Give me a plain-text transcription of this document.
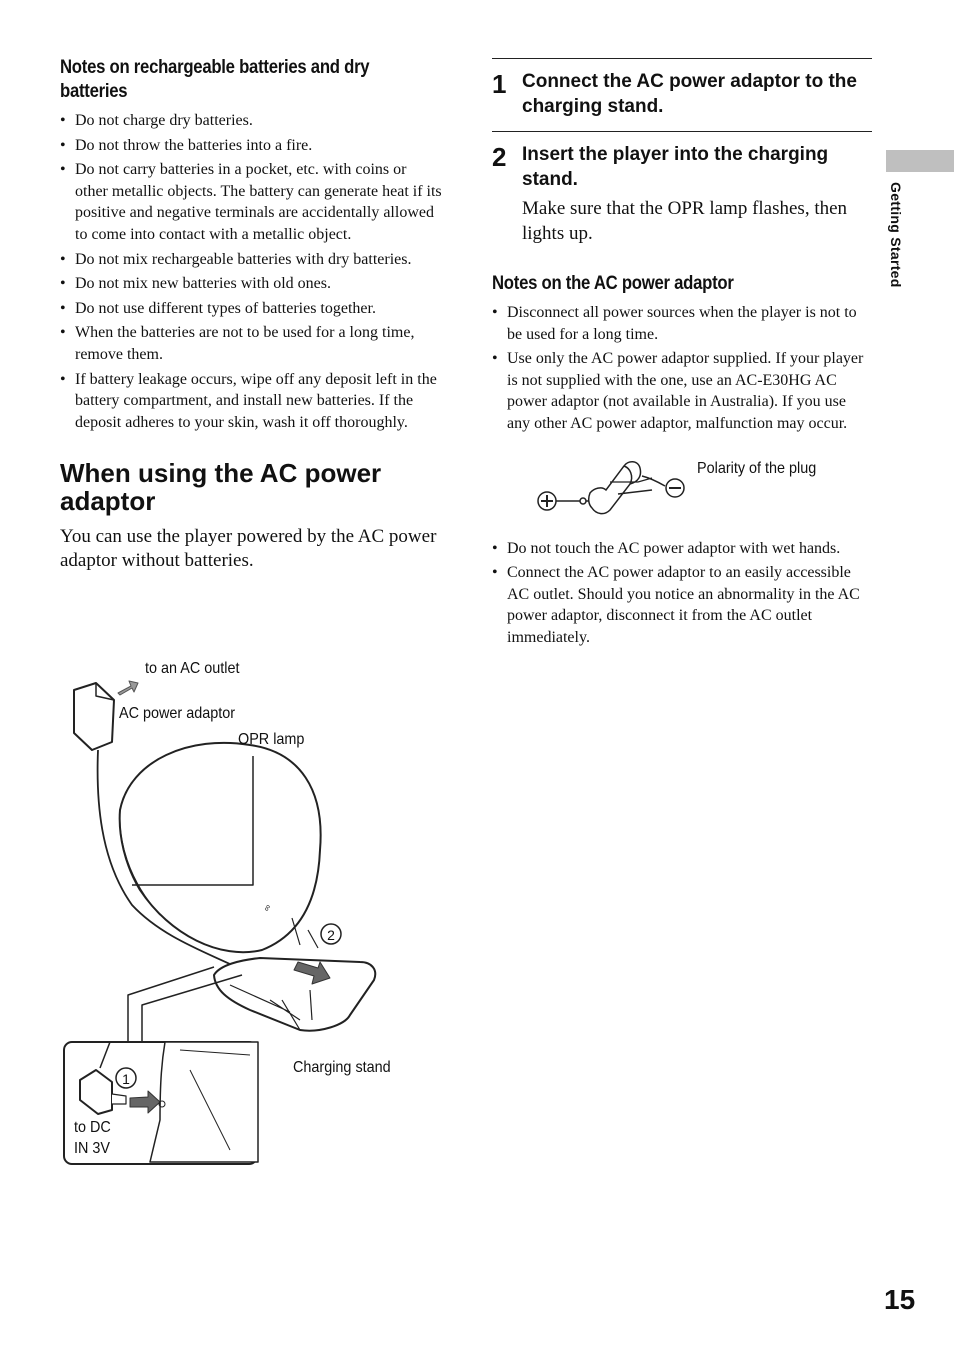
Getting Started
Notes on rechargeable batteries and dry batteries
• Do not charge dry batteries.
• Do not throw the batteries into a fire.
• Do not carry batteries in a pocket, etc. with coins or other metallic objects. The battery can generate heat if its positive and negative terminals are accidentally allowed to come into contact with a metallic object.
• Do not mix rechargeable batteries with dry batteries.
• Do not mix new batteries with old ones.
• Do not use different types of batteries together.
• When the batteries are not to be used for a long time, remove them.
• If battery leakage occurs, wipe off any deposit left in the battery compartment, and install new batteries. If the deposit adheres to your skin, wash it off thoroughly.
When using the AC power adaptor

You can use the player powered by the AC power adaptor without batteries.

∞
2
1
to an AC outlet
AC power adaptor
OPR lamp
Charging stand
to DC
IN 3V
1 Connect the AC power adaptor to the charging stand.
2 Insert the player into the charging stand.
Make sure that the OPR lamp flashes, then lights up.
Notes on the AC power adaptor
• Disconnect all power sources when the player is not to be used for a long time.
• Use only the AC power adaptor supplied. If your player is not supplied with the one, use an AC-E30HG AC power adaptor (not available in Australia). If you use any other AC power adaptor, malfunction may occur.
Polarity of the plug
• Do not touch the AC power adaptor with wet hands.
• Connect the AC power adaptor to an easily accessible AC outlet. Should you notice an abnormality in the AC power adaptor, disconnect it from the AC outlet immediately.
15
